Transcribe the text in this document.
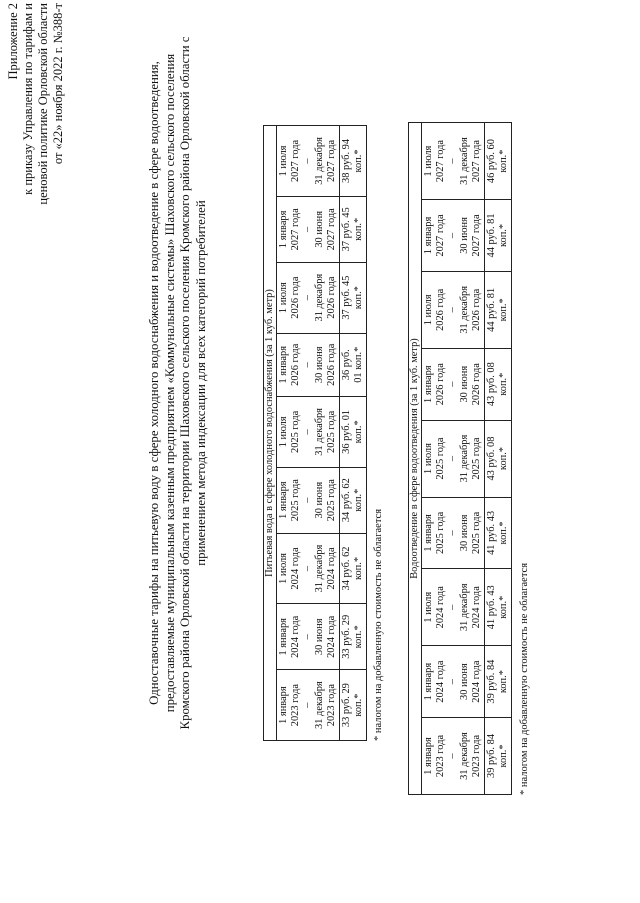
Приложение 2 к приказу Управления по тарифам и ценовой политике Орловской области от «22» ноября 2022 г. №388-т	Одноставочные тарифы на питьевую воду в сфере холодного водоснабжения и водоотведение в сфере водоотведения, предоставляемые муниципальным казенным предприятием «Коммунальные системы» Шаховского сельского поселения Кромского района Орловской области на территории Шаховского сельского поселения Кромского района Орловской области с применением метода индексации для всех категорий потребителей	Питьевая вода в сфере холодного водоснабжения (за 1 куб. метр)								

1 января 2023 года – 31 декабря 2023 года	1 января 2024 года – 30 июня 2024 года	1 июля 2024 года – 31 декабря 2024 года	1 января 2025 года – 30 июня 2025 года	1 июля 2025 года – 31 декабря 2025 года	1 января 2026 года – 30 июня 2026 года	1 июля 2026 года – 31 декабря 2026 года	1 января 2027 года – 30 июня 2027 года	1 июля 2027 года – 31 декабря 2027 года

33 руб. 29 коп.*	33 руб. 29 коп.*	34 руб. 62 коп.*	34 руб. 62 коп.*	36 руб. 01 коп.*	36 руб. 01 коп.*	37 руб. 45 коп.*	37 руб. 45 коп.*	38 руб. 94 коп.*
* налогом на добавленную стоимость не облагается
Водоотведение в сфере водоотведения (за 1 куб. метр)								

1 января 2023 года – 31 декабря 2023 года	1 января 2024 года – 30 июня 2024 года	1 июля 2024 года – 31 декабря 2024 года	1 января 2025 года – 30 июня 2025 года	1 июля 2025 года – 31 декабря 2025 года	1 января 2026 года – 30 июня 2026 года	1 июля 2026 года – 31 декабря 2026 года	1 января 2027 года – 30 июня 2027 года	1 июля 2027 года – 31 декабря 2027 года

39 руб. 84 коп.*	39 руб. 84 коп.*	41 руб. 43 коп.*	41 руб. 43 коп.*	43 руб. 08 коп.*	43 руб. 08 коп.*	44 руб. 81 коп.*	44 руб. 81 коп.*	46 руб. 60 коп.*
* налогом на добавленную стоимость не облагается
